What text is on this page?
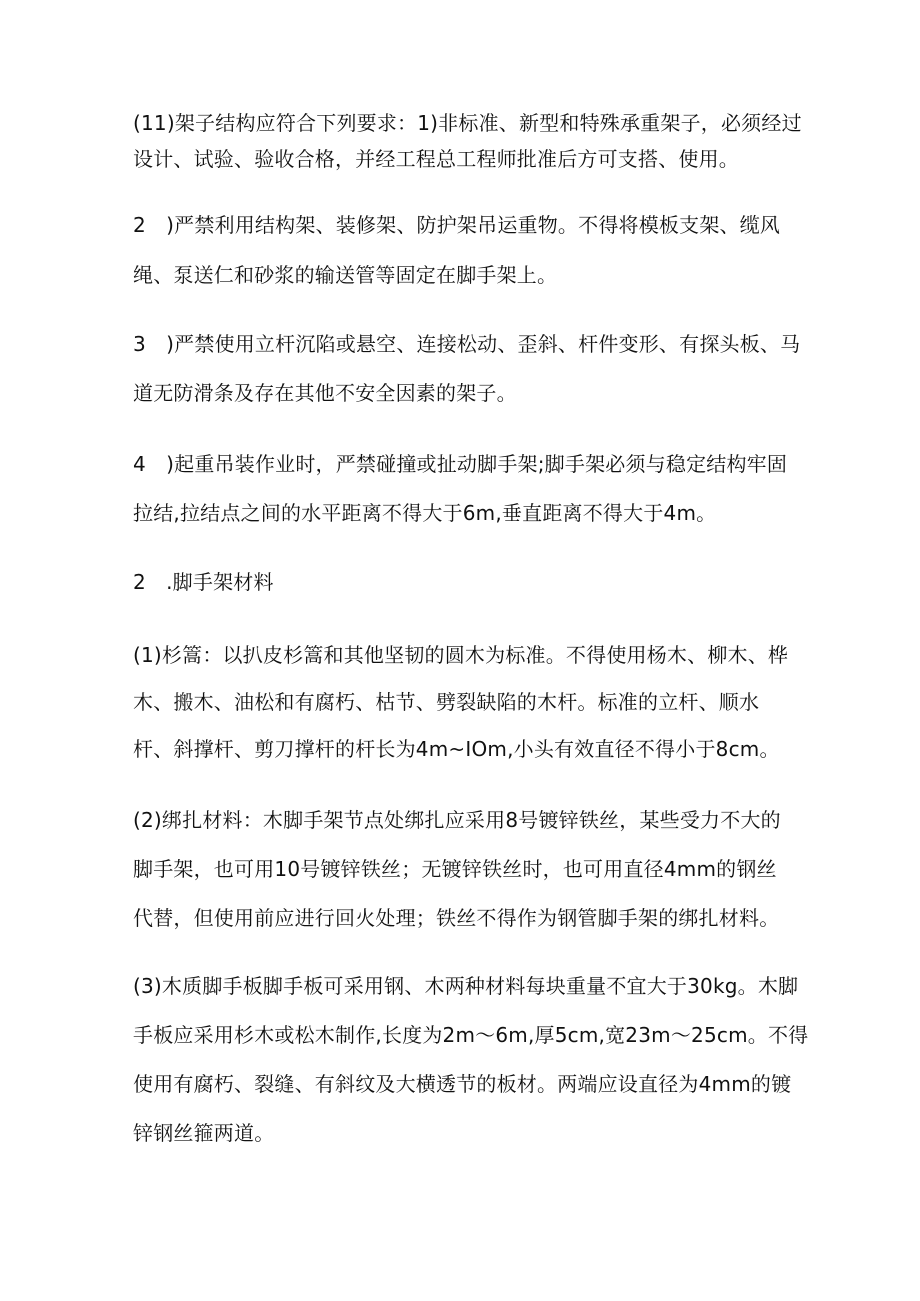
(11)架子结构应符合下列要求：1)非标准、新型和特殊承重架子，必须经过
设计、试验、验收合格，并经工程总工程师批准后方可支搭、使用。
2　)严禁利用结构架、装修架、防护架吊运重物。不得将模板支架、缆风
绳、泵送仁和砂浆的输送管等固定在脚手架上。
3　)严禁使用立杆沉陷或悬空、连接松动、歪斜、杆件变形、有探头板、马
道无防滑条及存在其他不安全因素的架子。
4　)起重吊装作业时，严禁碰撞或扯动脚手架;脚手架必须与稳定结构牢固
拉结,拉结点之间的水平距离不得大于6m,垂直距离不得大于4m。
2　.脚手架材料
(1)杉篙：以扒皮杉篙和其他坚韧的圆木为标准。不得使用杨木、柳木、桦
木、搬木、油松和有腐朽、枯节、劈裂缺陷的木杆。标准的立杆、顺水
杆、斜撑杆、剪刀撑杆的杆长为4m~IOm,小头有效直径不得小于8cm。
(2)绑扎材料：木脚手架节点处绑扎应采用8号镀锌铁丝，某些受力不大的
脚手架，也可用10号镀锌铁丝；无镀锌铁丝时，也可用直径4mm的钢丝
代替，但使用前应进行回火处理；铁丝不得作为钢管脚手架的绑扎材料。
(3)木质脚手板脚手板可采用钢、木两种材料每块重量不宜大于30kg。木脚
手板应采用杉木或松木制作,长度为2m～6m,厚5cm,宽23m～25cm。不得
使用有腐朽、裂缝、有斜纹及大横透节的板材。两端应设直径为4mm的镀
锌钢丝箍两道。
